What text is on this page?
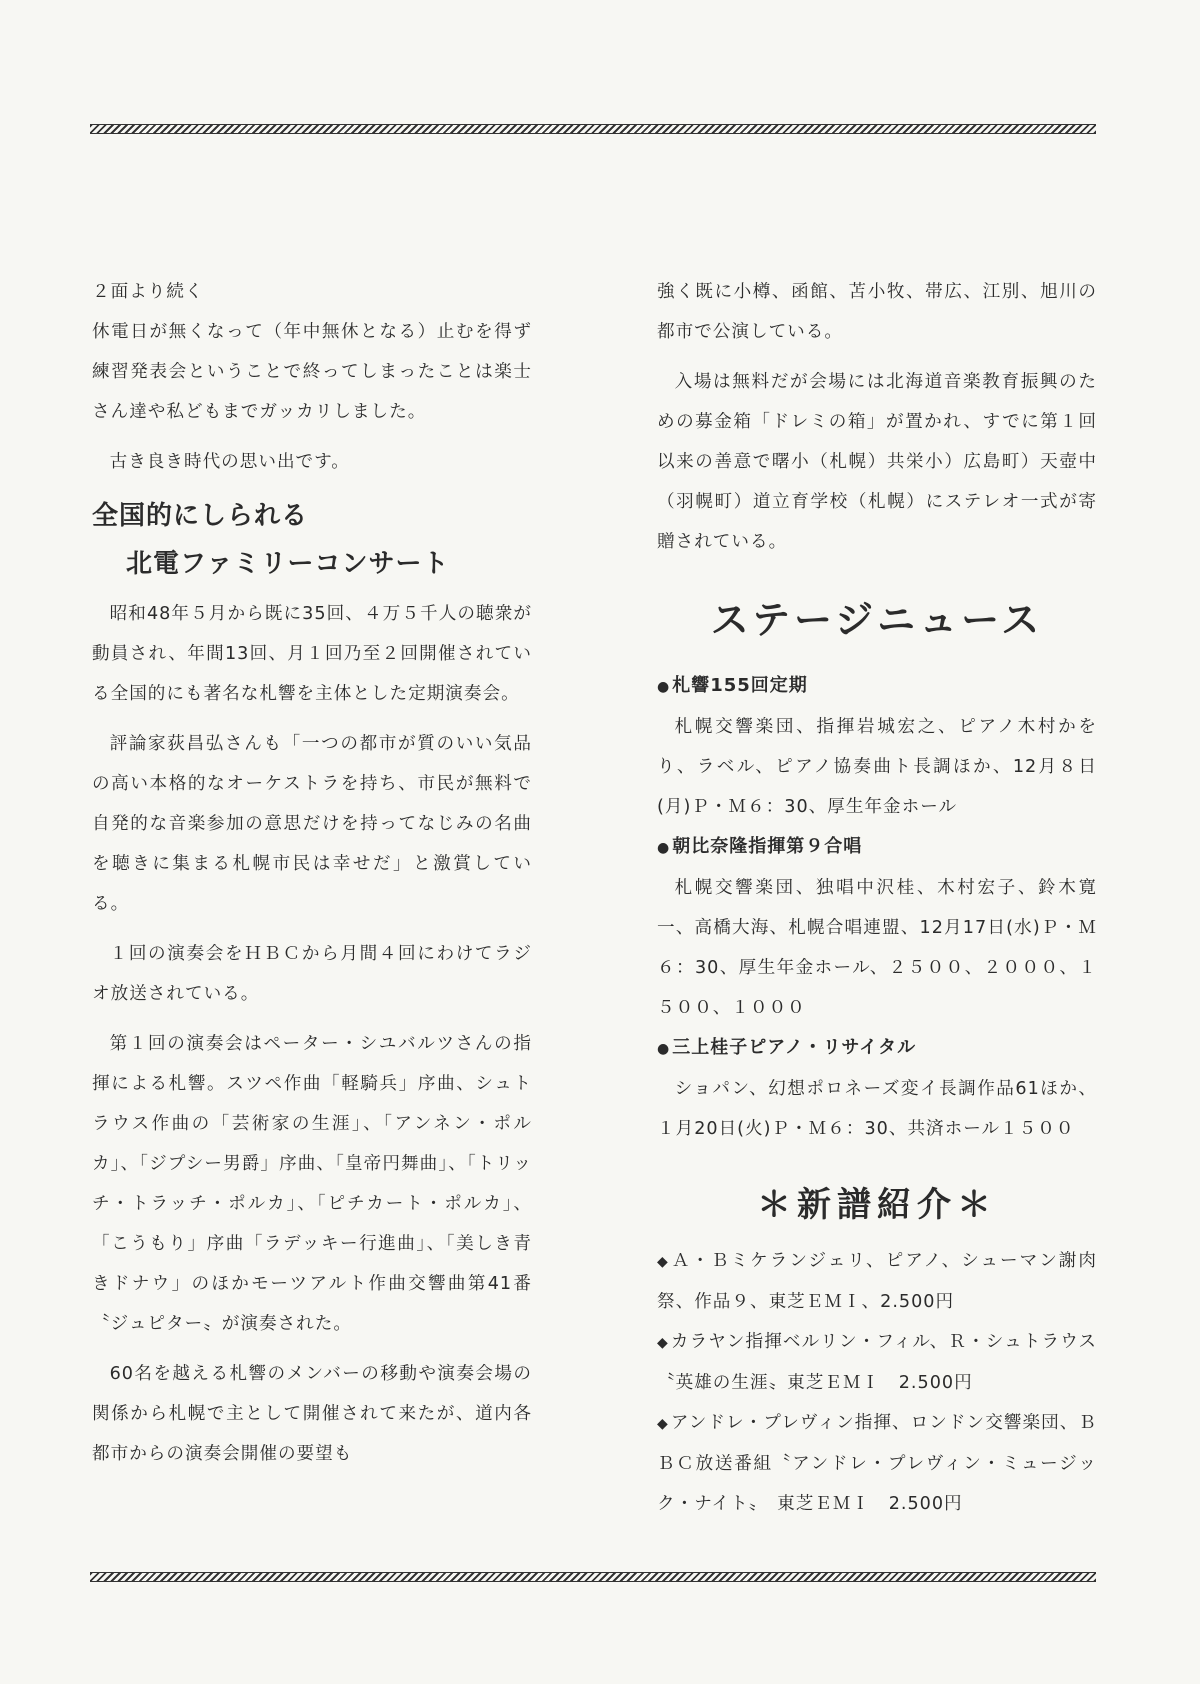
２面より続く

休電日が無くなって（年中無休となる）止むを得ず練習発表会ということで終ってしまったことは楽士さん達や私どもまでガッカリしました。

古き良き時代の思い出です。

全国的にしられる
北電ファミリーコンサート

昭和48年５月から既に35回、４万５千人の聴衆が動員され、年間13回、月１回乃至２回開催されている全国的にも著名な札響を主体とした定期演奏会。

評論家荻昌弘さんも「一つの都市が質のいい気品の高い本格的なオーケストラを持ち、市民が無料で自発的な音楽参加の意思だけを持ってなじみの名曲を聴きに集まる札幌市民は幸せだ」と激賞している。

１回の演奏会をＨＢＣから月間４回にわけてラジオ放送されている。

第１回の演奏会はペーター・シユバルツさんの指揮による札響。スツペ作曲「軽騎兵」序曲、シュトラウス作曲の「芸術家の生涯」、「アンネン・ポルカ」、「ジプシー男爵」序曲、「皇帝円舞曲」、「トリッチ・トラッチ・ポルカ」、「ピチカート・ポルカ」、「こうもり」序曲「ラデッキー行進曲」、「美しき青きドナウ」のほかモーツアルト作曲交響曲第41番〝ジュピター〟が演奏された。

60名を越える札響のメンバーの移動や演奏会場の関係から札幌で主として開催されて来たが、道内各都市からの演奏会開催の要望も

強く既に小樽、函館、苫小牧、帯広、江別、旭川の都市で公演している。

入場は無料だが会場には北海道音楽教育振興のための募金箱「ドレミの箱」が置かれ、すでに第１回以来の善意で曙小（札幌）共栄小）広島町）天壺中（羽幌町）道立育学校（札幌）にステレオ一式が寄贈されている。

ステージニュース

● 札響155回定期

札幌交響楽団、指揮岩城宏之、ピアノ木村かをり、ラベル、ピアノ協奏曲ト長調ほか、12月８日(月)Ｐ・Ｍ６：30、厚生年金ホール

● 朝比奈隆指揮第９合唱

札幌交響楽団、独唱中沢桂、木村宏子、鈴木寛一、高橋大海、札幌合唱連盟、12月17日(水)Ｐ・Ｍ６：30、厚生年金ホール、２５００、２０００、１５００、１０００

● 三上桂子ピアノ・リサイタル

ショパン、幻想ポロネーズ変イ長調作品61ほか、１月20日(火)Ｐ・Ｍ６：30、共済ホール１５００

＊新譜紹介＊

◆ Ａ・Ｂミケランジェリ、ピアノ、シューマン謝肉祭、作品９、東芝ＥＭＩ、2.500円

◆ カラヤン指揮ベルリン・フィル、Ｒ・シュトラウス〝英雄の生涯〟東芝ＥＭＩ　2.500円

◆ アンドレ・プレヴィン指揮、ロンドン交響楽団、ＢＢＣ放送番組〝アンドレ・プレヴィン・ミュージック・ナイト〟　東芝ＥＭＩ　2.500円
